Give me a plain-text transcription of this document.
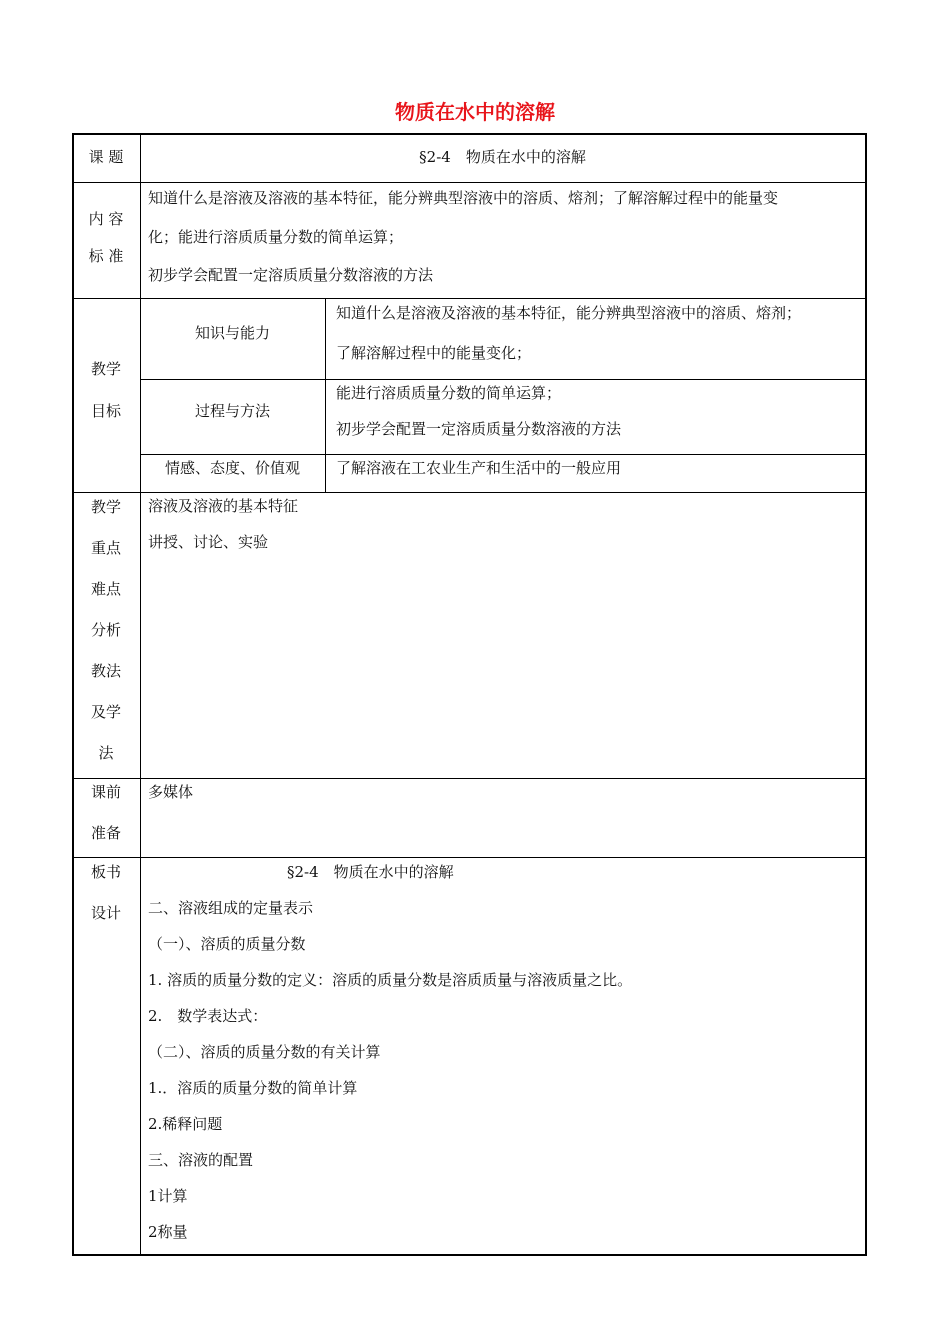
物质在水中的溶解
课 题	§2-4　物质在水中的溶解
内 容
标 准
知道什么是溶液及溶液的基本特征，能分辨典型溶液中的溶质、熔剂；了解溶解过程中的能量变
化；能进行溶质质量分数的简单运算；
初步学会配置一定溶质质量分数溶液的方法
教学
目标
知识与能力
知道什么是溶液及溶液的基本特征，能分辨典型溶液中的溶质、熔剂；
了解溶解过程中的能量变化；
过程与方法
能进行溶质质量分数的简单运算；
初步学会配置一定溶质质量分数溶液的方法
情感、态度、价值观	了解溶液在工农业生产和生活中的一般应用
教学
重点
难点
分析
教法
及学
法
溶液及溶液的基本特征
讲授、讨论、实验
课前
准备
多媒体
板书
设计
§2-4　物质在水中的溶解
二、溶液组成的定量表示
（一）、溶质的质量分数
1. 溶质的质量分数的定义：溶质的质量分数是溶质质量与溶液质量之比。
2.　数学表达式：
（二）、溶质的质量分数的有关计算
1.．溶质的质量分数的简单计算
2.稀释问题
三、溶液的配置
1计算
2称量
